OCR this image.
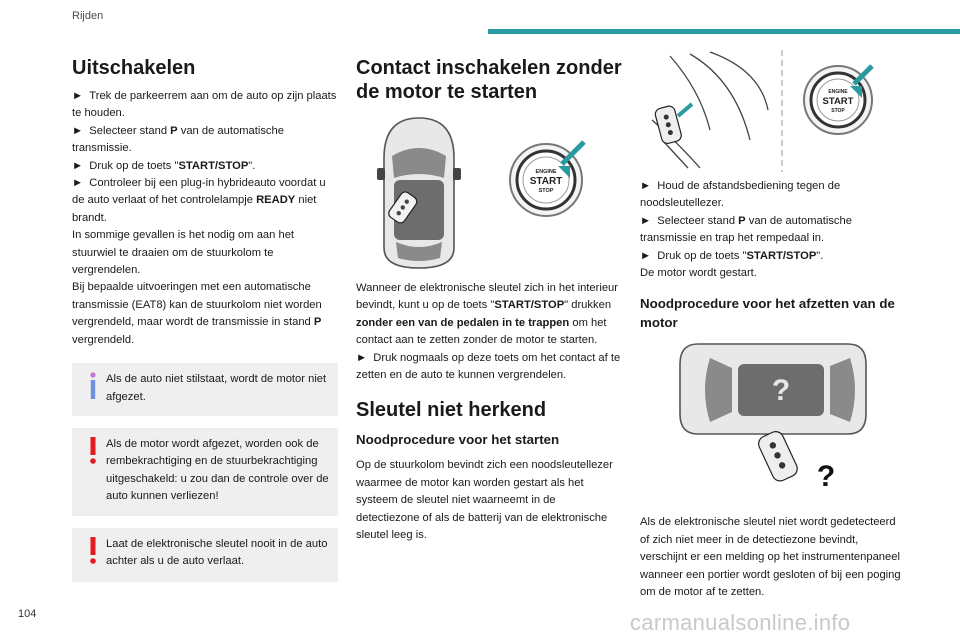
Rijden
Uitschakelen

►  Trek de parkeerrem aan om de auto op zijn plaats te houden.

►  Selecteer stand P van de automatische transmissie.

►  Druk op de toets "START/STOP".

►  Controleer bij een plug-in hybrideauto voordat u de auto verlaat of het controlelampje READY niet brandt.

In sommige gevallen is het nodig om aan het stuurwiel te draaien om de stuurkolom te vergrendelen.

Bij bepaalde uitvoeringen met een automatische transmissie (EAT8) kan de stuurkolom niet worden vergrendeld, maar wordt de transmissie in stand P vergrendeld.

Als de auto niet stilstaat, wordt de motor niet afgezet.

Als de motor wordt afgezet, worden ook de rembekrachtiging en de stuurbekrachtiging uitgeschakeld: u zou dan de controle over de auto kunnen verliezen!

Laat de elektronische sleutel nooit in de auto achter als u de auto verlaat.

Contact inschakelen zonder de motor te starten
ENGINE
START
STOP

Wanneer de elektronische sleutel zich in het interieur bevindt, kunt u op de toets "START/STOP" drukken zonder een van de pedalen in te trappen om het contact aan te zetten zonder de motor te starten.

►  Druk nogmaals op deze toets om het contact af te zetten en de auto te kunnen vergrendelen.

Sleutel niet herkend
Noodprocedure voor het starten

Op de stuurkolom bevindt zich een noodsleutellezer waarmee de motor kan worden gestart als het systeem de sleutel niet waarneemt in de detectiezone of als de batterij van de elektronische sleutel leeg is.

ENGINE
START
STOP

►  Houd de afstandsbediening tegen de noodsleutellezer.

►  Selecteer stand P van de automatische transmissie en trap het rempedaal in.

►  Druk op de toets "START/STOP".

De motor wordt gestart.

Noodprocedure voor het afzetten van de motor
?
?

Als de elektronische sleutel niet wordt gedetecteerd of zich niet meer in de detectiezone bevindt, verschijnt er een melding op het instrumentenpaneel wanneer een portier wordt gesloten of bij een poging om de motor af te zetten.

104	carmanualsonline.info
